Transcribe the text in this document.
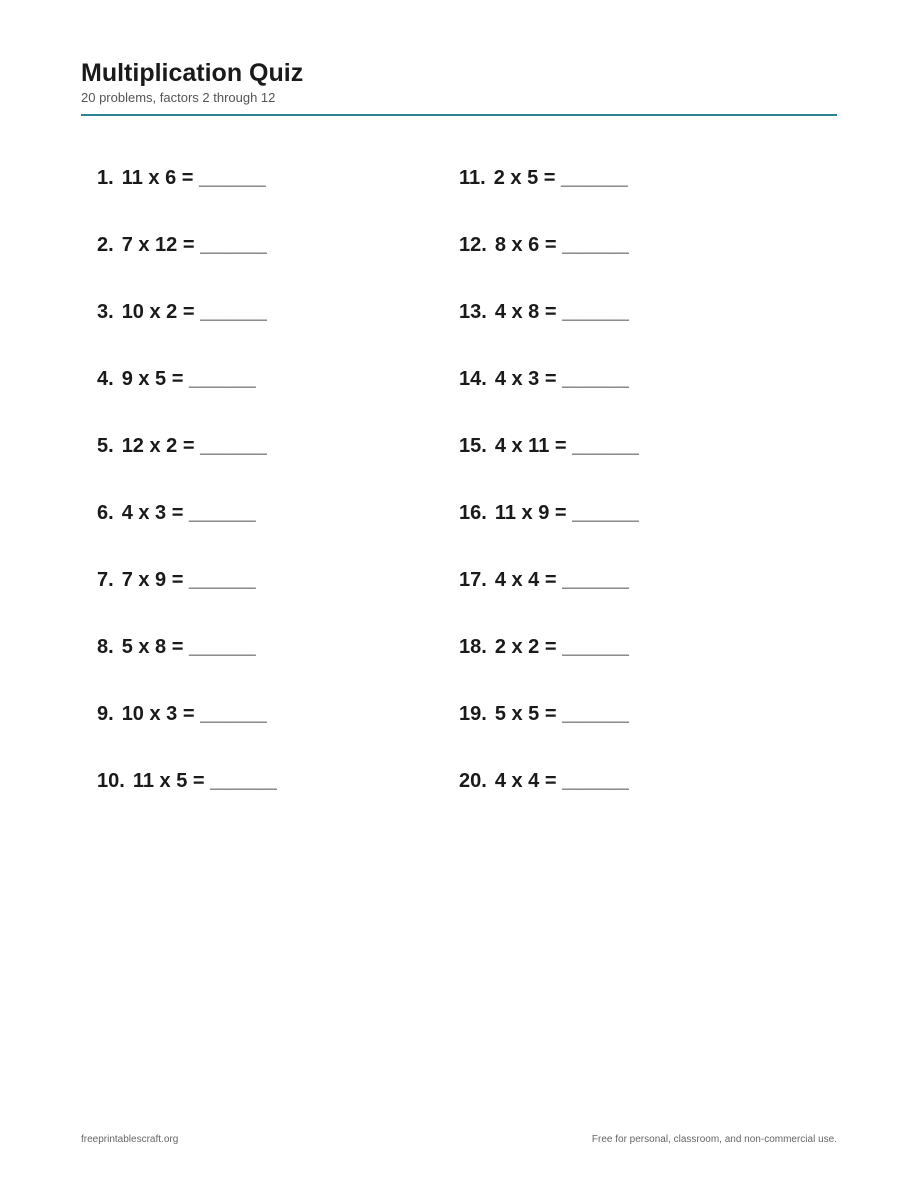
Multiplication Quiz
20 problems, factors 2 through 12
1. 11 x 6 = ______
2. 7 x 12 = ______
3. 10 x 2 = ______
4. 9 x 5 = ______
5. 12 x 2 = ______
6. 4 x 3 = ______
7. 7 x 9 = ______
8. 5 x 8 = ______
9. 10 x 3 = ______
10. 11 x 5 = ______
11. 2 x 5 = ______
12. 8 x 6 = ______
13. 4 x 8 = ______
14. 4 x 3 = ______
15. 4 x 11 = ______
16. 11 x 9 = ______
17. 4 x 4 = ______
18. 2 x 2 = ______
19. 5 x 5 = ______
20. 4 x 4 = ______
freeprintablescraft.org	Free for personal, classroom, and non-commercial use.
